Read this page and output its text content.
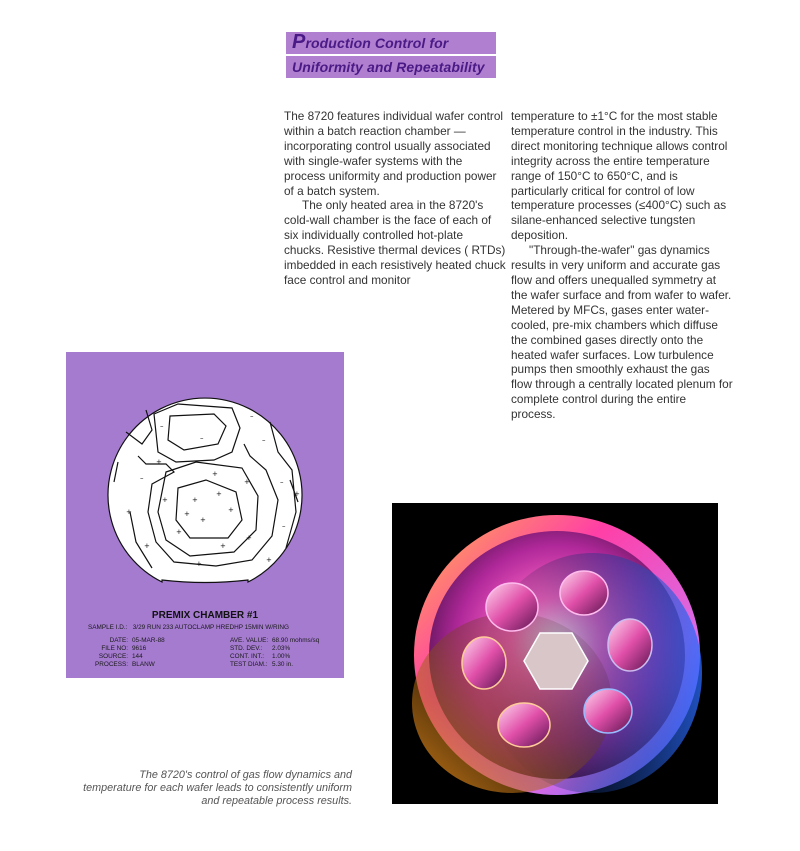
Production Control for
Uniformity and Repeatability

The 8720 features individual wafer control within a batch reaction chamber — incorporating control usually associated with single-wafer systems with the process uniformity and production power of a batch system.

The only heated area in the 8720's cold-wall chamber is the face of each of six individually controlled hot-plate chucks. Resistive thermal devices ( RTDs) imbedded in each resistively heated chuck face control and monitor

temperature to ±1°C for the most stable temperature control in the industry. This direct monitoring technique allows control integrity across the entire temperature range of 150°C to 650°C, and is particularly critical for control of low temperature processes (≤400°C) such as silane-enhanced selective tungsten deposition.

"Through-the-wafer" gas dynamics results in very uniform and accurate gas flow and offers unequalled symmetry at the wafer surface and from wafer to wafer. Metered by MFCs, gases enter water-cooled, pre-mix chambers which diffuse the combined gases directly onto the heated wafer surfaces. Low turbulence pumps then smoothly exhaust the gas flow through a centrally located plenum for complete control during the entire process.

–
–
–
–
–
–
–
+
+
+
+
+
+
+
+
+
+
+
+
+
+	+
+
+
PREMIX CHAMBER #1
SAMPLE I.D.: 3/29 RUN 233 AUTOCLAMP HREDHP 15MIN W/RING
DATE: 05-MAR-88
FILE NO: 9616
SOURCE: 144
PROCESS: BLANW
AVE. VALUE: 68.90 mohms/sq
STD. DEV.: 2.03%
CONT. INT.: 1.00%
TEST DIAM.: 5.30 in.
The 8720's control of gas flow dynamics and temperature for each wafer leads to consistently uniform and repeatable process results.
